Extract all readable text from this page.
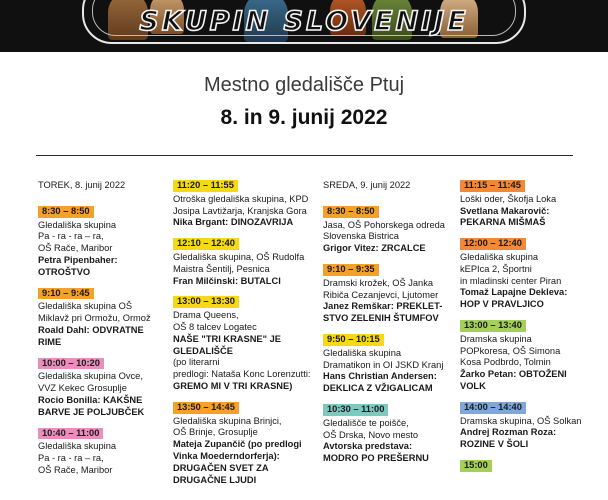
SKUPIN SLOVENIJE
Mestno gledališče Ptuj
8. in 9. junij 2022
TOREK, 8. junij 2022
8:30 – 8:50
Gledališka skupina
Pa - ra - ra – ra,
OŠ Rače, Maribor
Petra Pipenbaher:
OTROŠTVO
9:10 – 9:45
Gledališka skupina OŠ
Miklavž pri Ormožu, Ormož
Roald Dahl: ODVRATNE
RIME
10:00 – 10:20
Gledališka skupina Ovce,
VVZ Kekec Grosuplje
Rocio Bonilla: KAKŠNE
BARVE JE POLJUBČEK
10:40 – 11:00
Gledališka skupina
Pa - ra - ra – ra,
OŠ Rače, Maribor
11:20 – 11:55
Otroška gledališka skupina, KPD
Josipa Lavtižarja, Kranjska Gora
Nika Brgant: DINOZAVRIJA
12:10 – 12:40
Gledališka skupina, OŠ Rudolfa
Maistra Šentilj, Pesnica
Fran Milčinski: BUTALCI
13:00 – 13:30
Drama Queens,
OŠ 8 talcev Logatec
NAŠE "TRI KRASNE" JE
GLEDALIŠČE
(po literarni
predlogi: Nataša Konc Lorenzutti:
GREMO MI V TRI KRASNE)
13:50 – 14:45
Gledališka skupina Brinjci,
OŠ Brinje, Grosuplje
Mateja Zupančič (po predlogi
Vinka Moederndorferja):
DRUGAČEN SVET ZA
DRUGAČNE LJUDI
SREDA, 9. junij 2022
8:30 – 8:50
Jasa, OŠ Pohorskega odreda
Slovenska Bistrica
Grigor Vitez: ZRCALCE
9:10 – 9:35
Dramski krožek, OŠ Janka
Ribiča Cezanjevci, Ljutomer
Janez Remškar: PREKLET-
STVO ZELENIH ŠTUMFOV
9:50 – 10:15
Gledališka skupina
Dramatikon in OI JSKD Kranj
Hans Christian Andersen:
DEKLICA Z VŽIGALICAM
10:30 – 11:00
Gledališče te poišče,
OŠ Drska, Novo mesto
Avtorska predstava:
MODRO PO PREŠERNU
11:15 – 11:45
Loški oder, Škofja Loka
Svetlana Makarovič:
PEKARNA MIŠMAŠ
12:00 – 12:40
Gledališka skupina
kEPIca 2, Športni
in mladinski center Piran
Tomaž Lapajne Dekleva:
HOP V PRAVLJICO
13:00 – 13:40
Dramska skupina
POPkoresa, OŠ Simona
Kosa Podbrdo, Tolmin
Žarko Petan: OBTOŽENI
VOLK
14:00 – 14:40
Dramska skupina, OŠ Solkan
Andrej Rozman Roza:
ROZINE V ŠOLI
15:00
